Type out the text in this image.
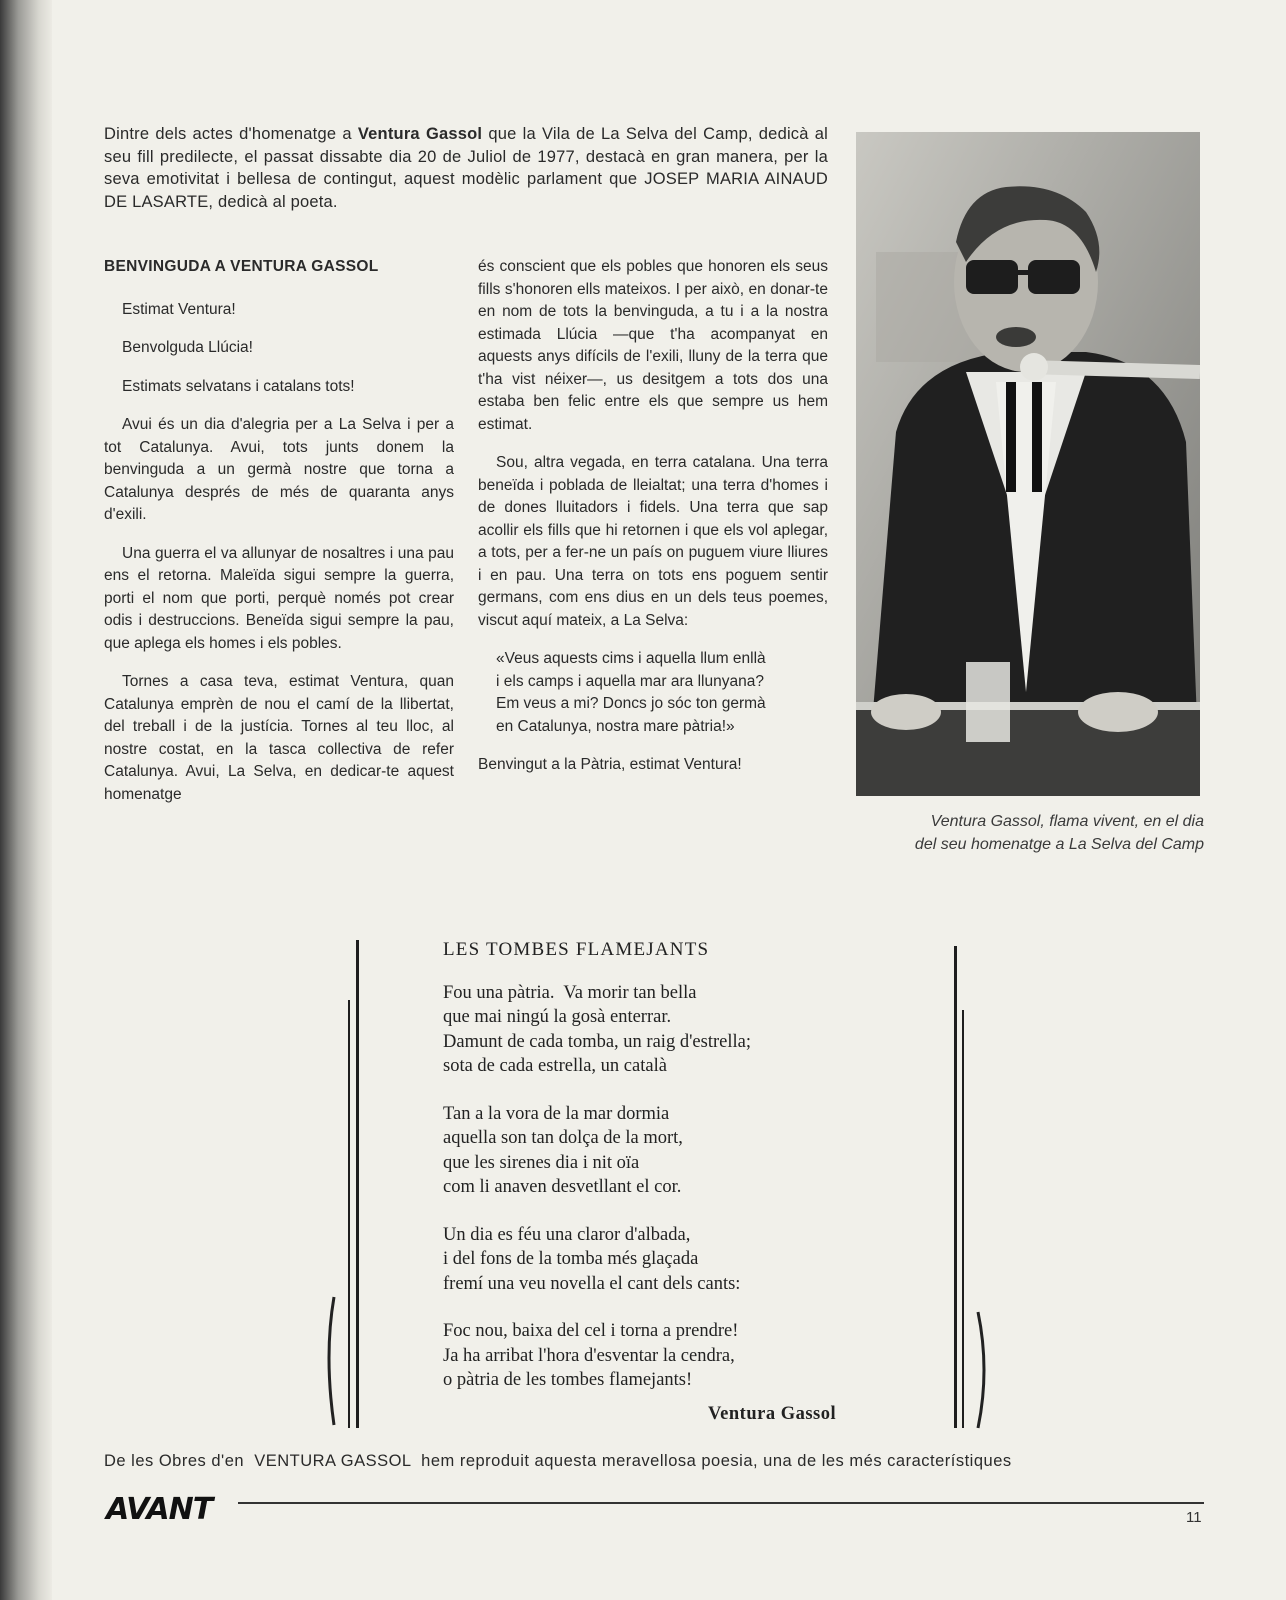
Dintre dels actes d'homenatge a Ventura Gassol que la Vila de La Selva del Camp, dedicà al seu fill predilecte, el passat dissabte dia 20 de Juliol de 1977, destacà en gran manera, per la seva emotivitat i bellesa de contingut, aquest modèlic parlament que JOSEP MARIA AINAUD DE LASARTE, dedicà al poeta.
BENVINGUDA A VENTURA GASSOL

Estimat Ventura!

Benvolguda Llúcia!

Estimats selvatans i catalans tots!

Avui és un dia d'alegria per a La Selva i per a tot Catalunya. Avui, tots junts donem la benvinguda a un germà nostre que torna a Catalunya després de més de quaranta anys d'exili.

Una guerra el va allunyar de nosaltres i una pau ens el retorna. Maleïda sigui sempre la guerra, porti el nom que porti, perquè només pot crear odis i destruccions. Beneïda sigui sempre la pau, que aplega els homes i els pobles.

Tornes a casa teva, estimat Ventura, quan Catalunya emprèn de nou el camí de la llibertat, del treball i de la justícia. Tornes al teu lloc, al nostre costat, en la tasca collectiva de refer Catalunya. Avui, La Selva, en dedicar-te aquest homenatge

és conscient que els pobles que honoren els seus fills s'honoren ells mateixos. I per això, en donar-te en nom de tots la benvinguda, a tu i a la nostra estimada Llúcia —que t'ha acompanyat en aquests anys difícils de l'exili, lluny de la terra que t'ha vist néixer—, us desitgem a tots dos una estaba ben felic entre els que sempre us hem estimat.

Sou, altra vegada, en terra catalana. Una terra beneïda i poblada de lleialtat; una terra d'homes i de dones lluitadors i fidels. Una terra que sap acollir els fills que hi retornen i que els vol aplegar, a tots, per a fer-ne un país on puguem viure lliures i en pau. Una terra on tots ens poguem sentir germans, com ens dius en un dels teus poemes, viscut aquí mateix, a La Selva:

«Veus aquests cims i aquella llum enllà
i els camps i aquella mar ara llunyana?
Em veus a mi? Doncs jo sóc ton germà
en Catalunya, nostra mare pàtria!»

Benvingut a la Pàtria, estimat Ventura!

Ventura Gassol, flama vivent, en el dia
del seu homenatge a La Selva del Camp
LES TOMBES FLAMEJANTS
Fou una pàtria.  Va morir tan bella
que mai ningú la gosà enterrar.
Damunt de cada tomba, un raig d'estrella;
sota de cada estrella, un català
Tan a la vora de la mar dormia
aquella son tan dolça de la mort,
que les sirenes dia i nit oïa
com li anaven desvetllant el cor.
Un dia es féu una claror d'albada,
i del fons de la tomba més glaçada
fremí una veu novella el cant dels cants:
Foc nou, baixa del cel i torna a prendre!
Ja ha arribat l'hora d'esventar la cendra,
o pàtria de les tombes flamejants!
Ventura Gassol
De les Obres d'en  VENTURA GASSOL  hem reproduit aquesta meravellosa poesia, una de les més característiques
AVANT	11
